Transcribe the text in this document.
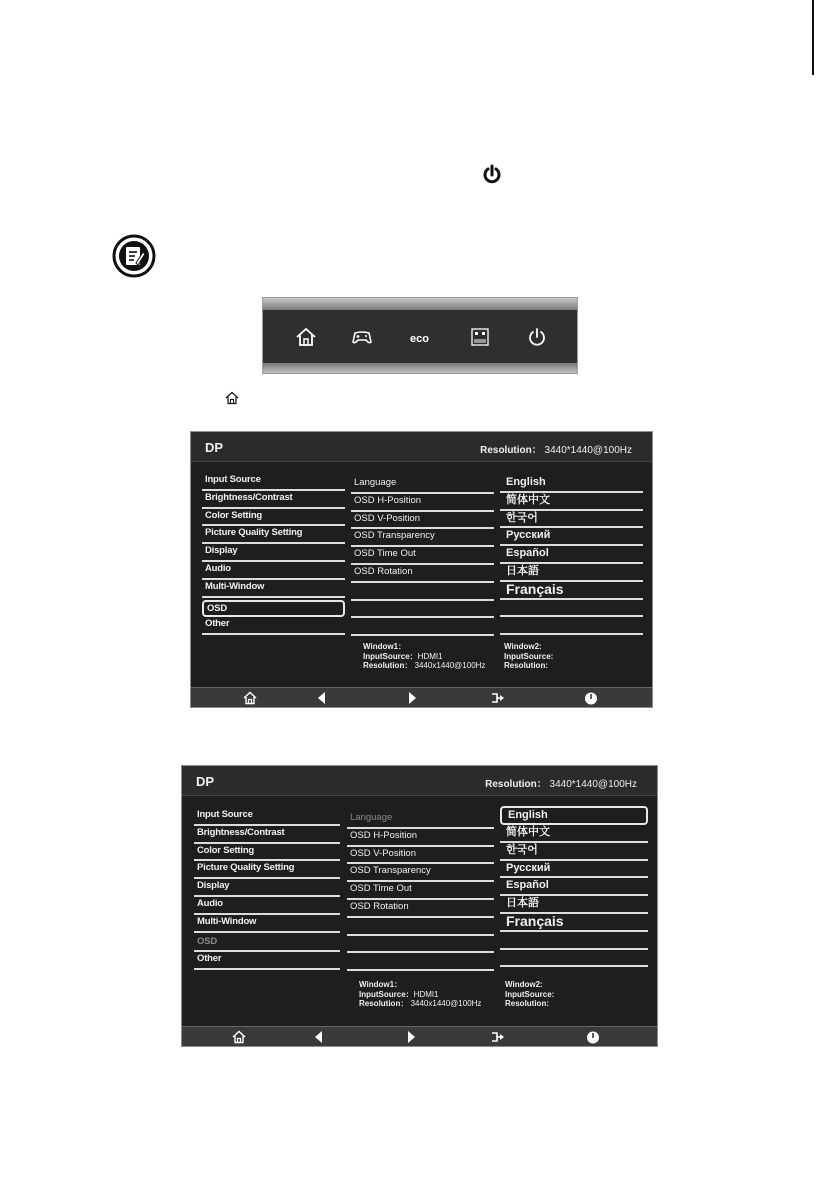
eco
DP	Resolution： 3440*1440@100Hz
Input Source
Brightness/Contrast
Color Setting
Picture Quality Setting
Display
Audio
Multi-Window
OSD
Other
Language
OSD H-Position
OSD V-Position
OSD Transparency
OSD Time Out
OSD Rotation
English
简体中文
한국어
Русский
Español
日本語
Français
Window1：
InputSource：HDMI1
Resolution： 3440x1440@100Hz
Window2:
InputSource:
Resolution:
DP	Resolution： 3440*1440@100Hz
Input Source
Brightness/Contrast
Color Setting
Picture Quality Setting
Display
Audio
Multi-Window
OSD
Other
Language
OSD H-Position
OSD V-Position
OSD Transparency
OSD Time Out
OSD Rotation
English
简体中文
한국어
Русский
Español
日本語
Français
Window1：
InputSource：HDMI1
Resolution： 3440x1440@100Hz
Window2:
InputSource:
Resolution:
